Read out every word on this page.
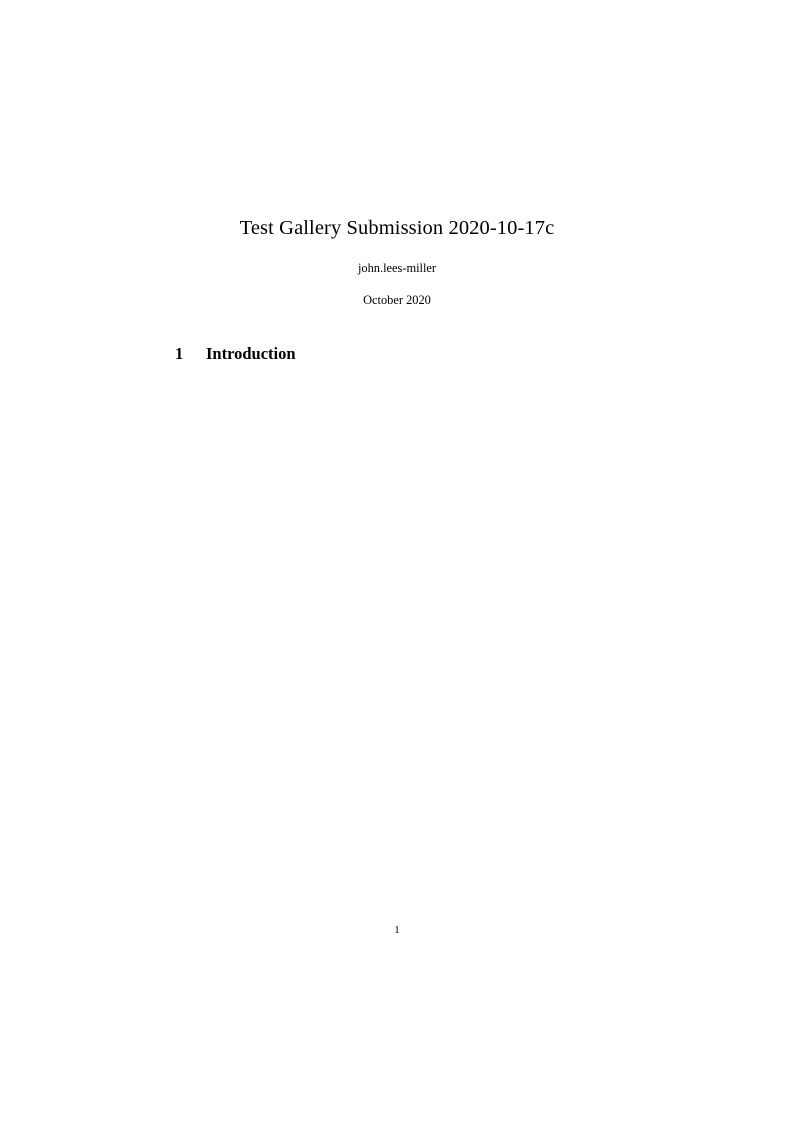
Test Gallery Submission 2020-10-17c

john.lees-miller

October 2020

1	Introduction

1
